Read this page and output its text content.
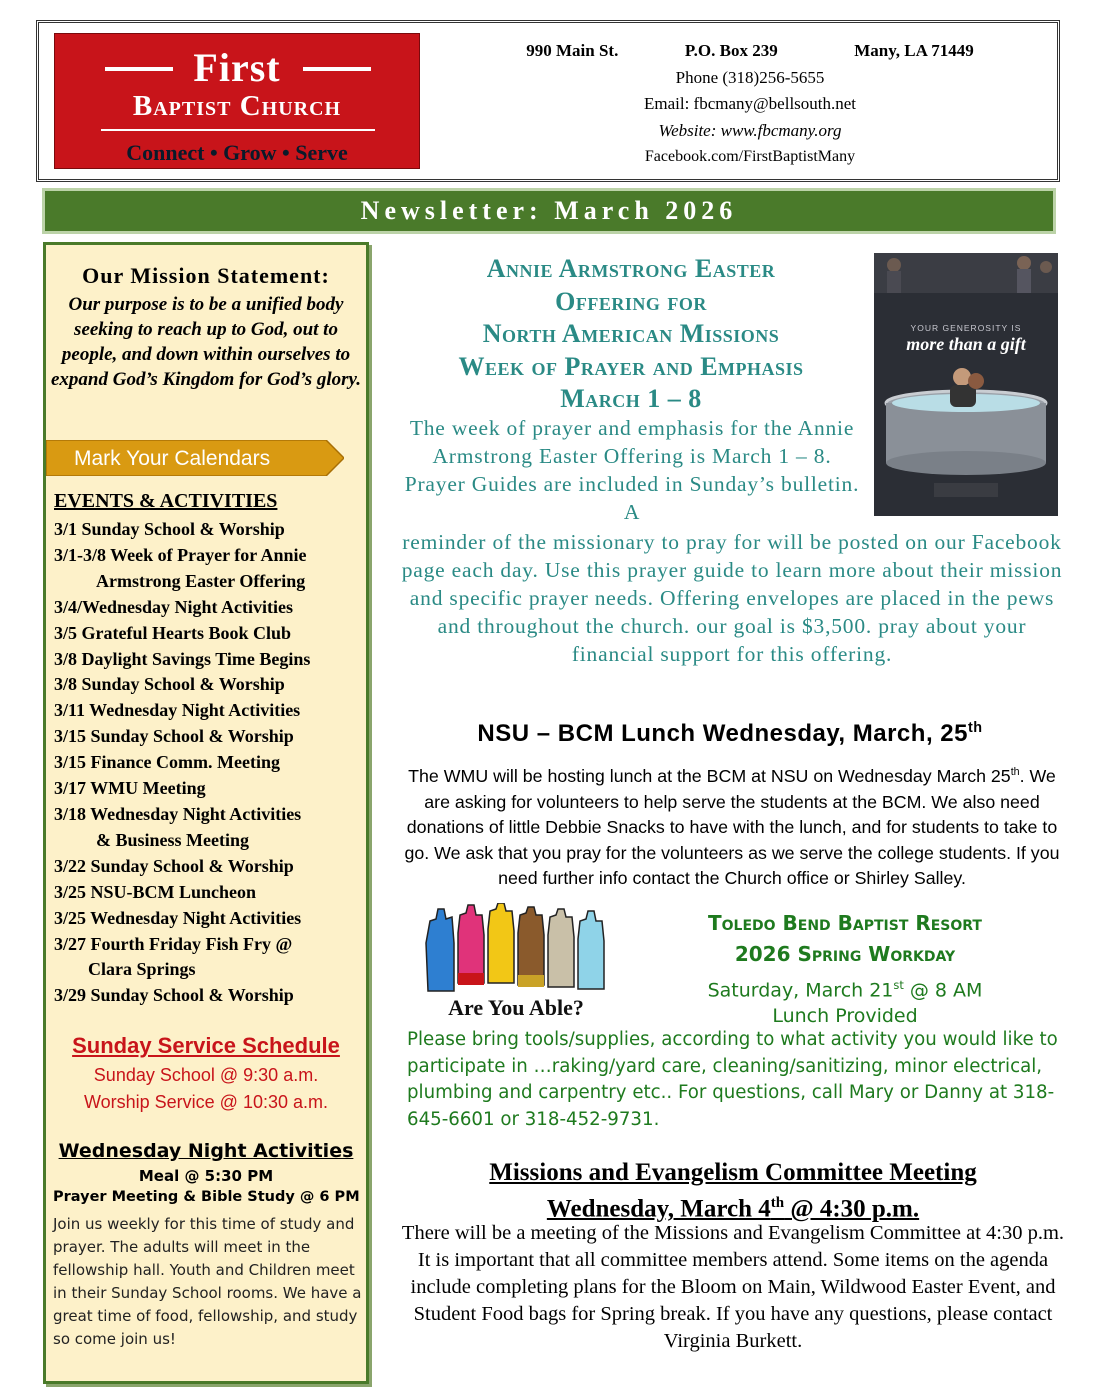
First
Baptist Church
Connect • Grow • Serve
990 Main St.	P.O. Box 239	Many, LA 71449
Phone (318)256-5655
Email: fbcmany@bellsouth.net
Website: www.fbcmany.org
Facebook.com/FirstBaptistMany
Newsletter: March 2026
Our Mission Statement:
Our purpose is to be a unified body seeking to reach up to God, out to people, and down within ourselves to expand God’s Kingdom for God’s glory.
Mark Your Calendars
EVENTS & ACTIVITIES
3/1 Sunday School & Worship
3/1-3/8 Week of Prayer for Annie
Armstrong Easter Offering
3/4/Wednesday Night Activities
3/5 Grateful Hearts Book Club
3/8 Daylight Savings Time Begins
3/8 Sunday School & Worship
3/11 Wednesday Night Activities
3/15 Sunday School & Worship
3/15 Finance Comm. Meeting
3/17 WMU Meeting
3/18 Wednesday Night Activities
& Business Meeting
3/22 Sunday School & Worship
3/25 NSU-BCM Luncheon
3/25 Wednesday Night Activities
3/27 Fourth Friday Fish Fry @
Clara Springs
3/29 Sunday School & Worship
Sunday Service Schedule
Sunday School @ 9:30 a.m.
Worship Service @ 10:30 a.m.
Wednesday Night Activities
Meal @ 5:30 PM
Prayer Meeting & Bible Study @ 6 PM
Join us weekly for this time of study and prayer. The adults will meet in the fellowship hall. Youth and Children meet in their Sunday School rooms. We have a great time of food, fellowship, and study so come join us!
Annie Armstrong Easter
Offering for
North American Missions
Week of Prayer and Emphasis
March 1 – 8
The week of prayer and emphasis for the Annie Armstrong Easter Offering is March 1 – 8. Prayer Guides are included in Sunday’s bulletin. A
reminder of the missionary to pray for will be posted on our Facebook page each day. Use this prayer guide to learn more about their mission and specific prayer needs. Offering envelopes are placed in the pews and throughout the church. our goal is $3,500. pray about your financial support for this offering.
YOUR GENEROSITY IS
more than a gift
NSU – BCM Lunch Wednesday, March, 25th
The WMU will be hosting lunch at the BCM at NSU on Wednesday March 25th. We are asking for volunteers to help serve the students at the BCM. We also need donations of little Debbie Snacks to have with the lunch, and for students to take to go. We ask that you pray for the volunteers as we serve the college students. If you need further info contact the Church office or Shirley Salley.
Are You Able?
Toledo Bend Baptist Resort
2026 Spring Workday
Saturday, March 21st @ 8 AM
Lunch Provided
Please bring tools/supplies, according to what activity you would like to participate in …raking/yard care, cleaning/sanitizing, minor electrical, plumbing and carpentry etc.. For questions, call Mary or Danny at 318-645-6601 or 318-452-9731.
Missions and Evangelism Committee Meeting
Wednesday, March 4th @ 4:30 p.m.
There will be a meeting of the Missions and Evangelism Committee at 4:30 p.m. It is important that all committee members attend. Some items on the agenda include completing plans for the Bloom on Main, Wildwood Easter Event, and Student Food bags for Spring break. If you have any questions, please contact Virginia Burkett.
